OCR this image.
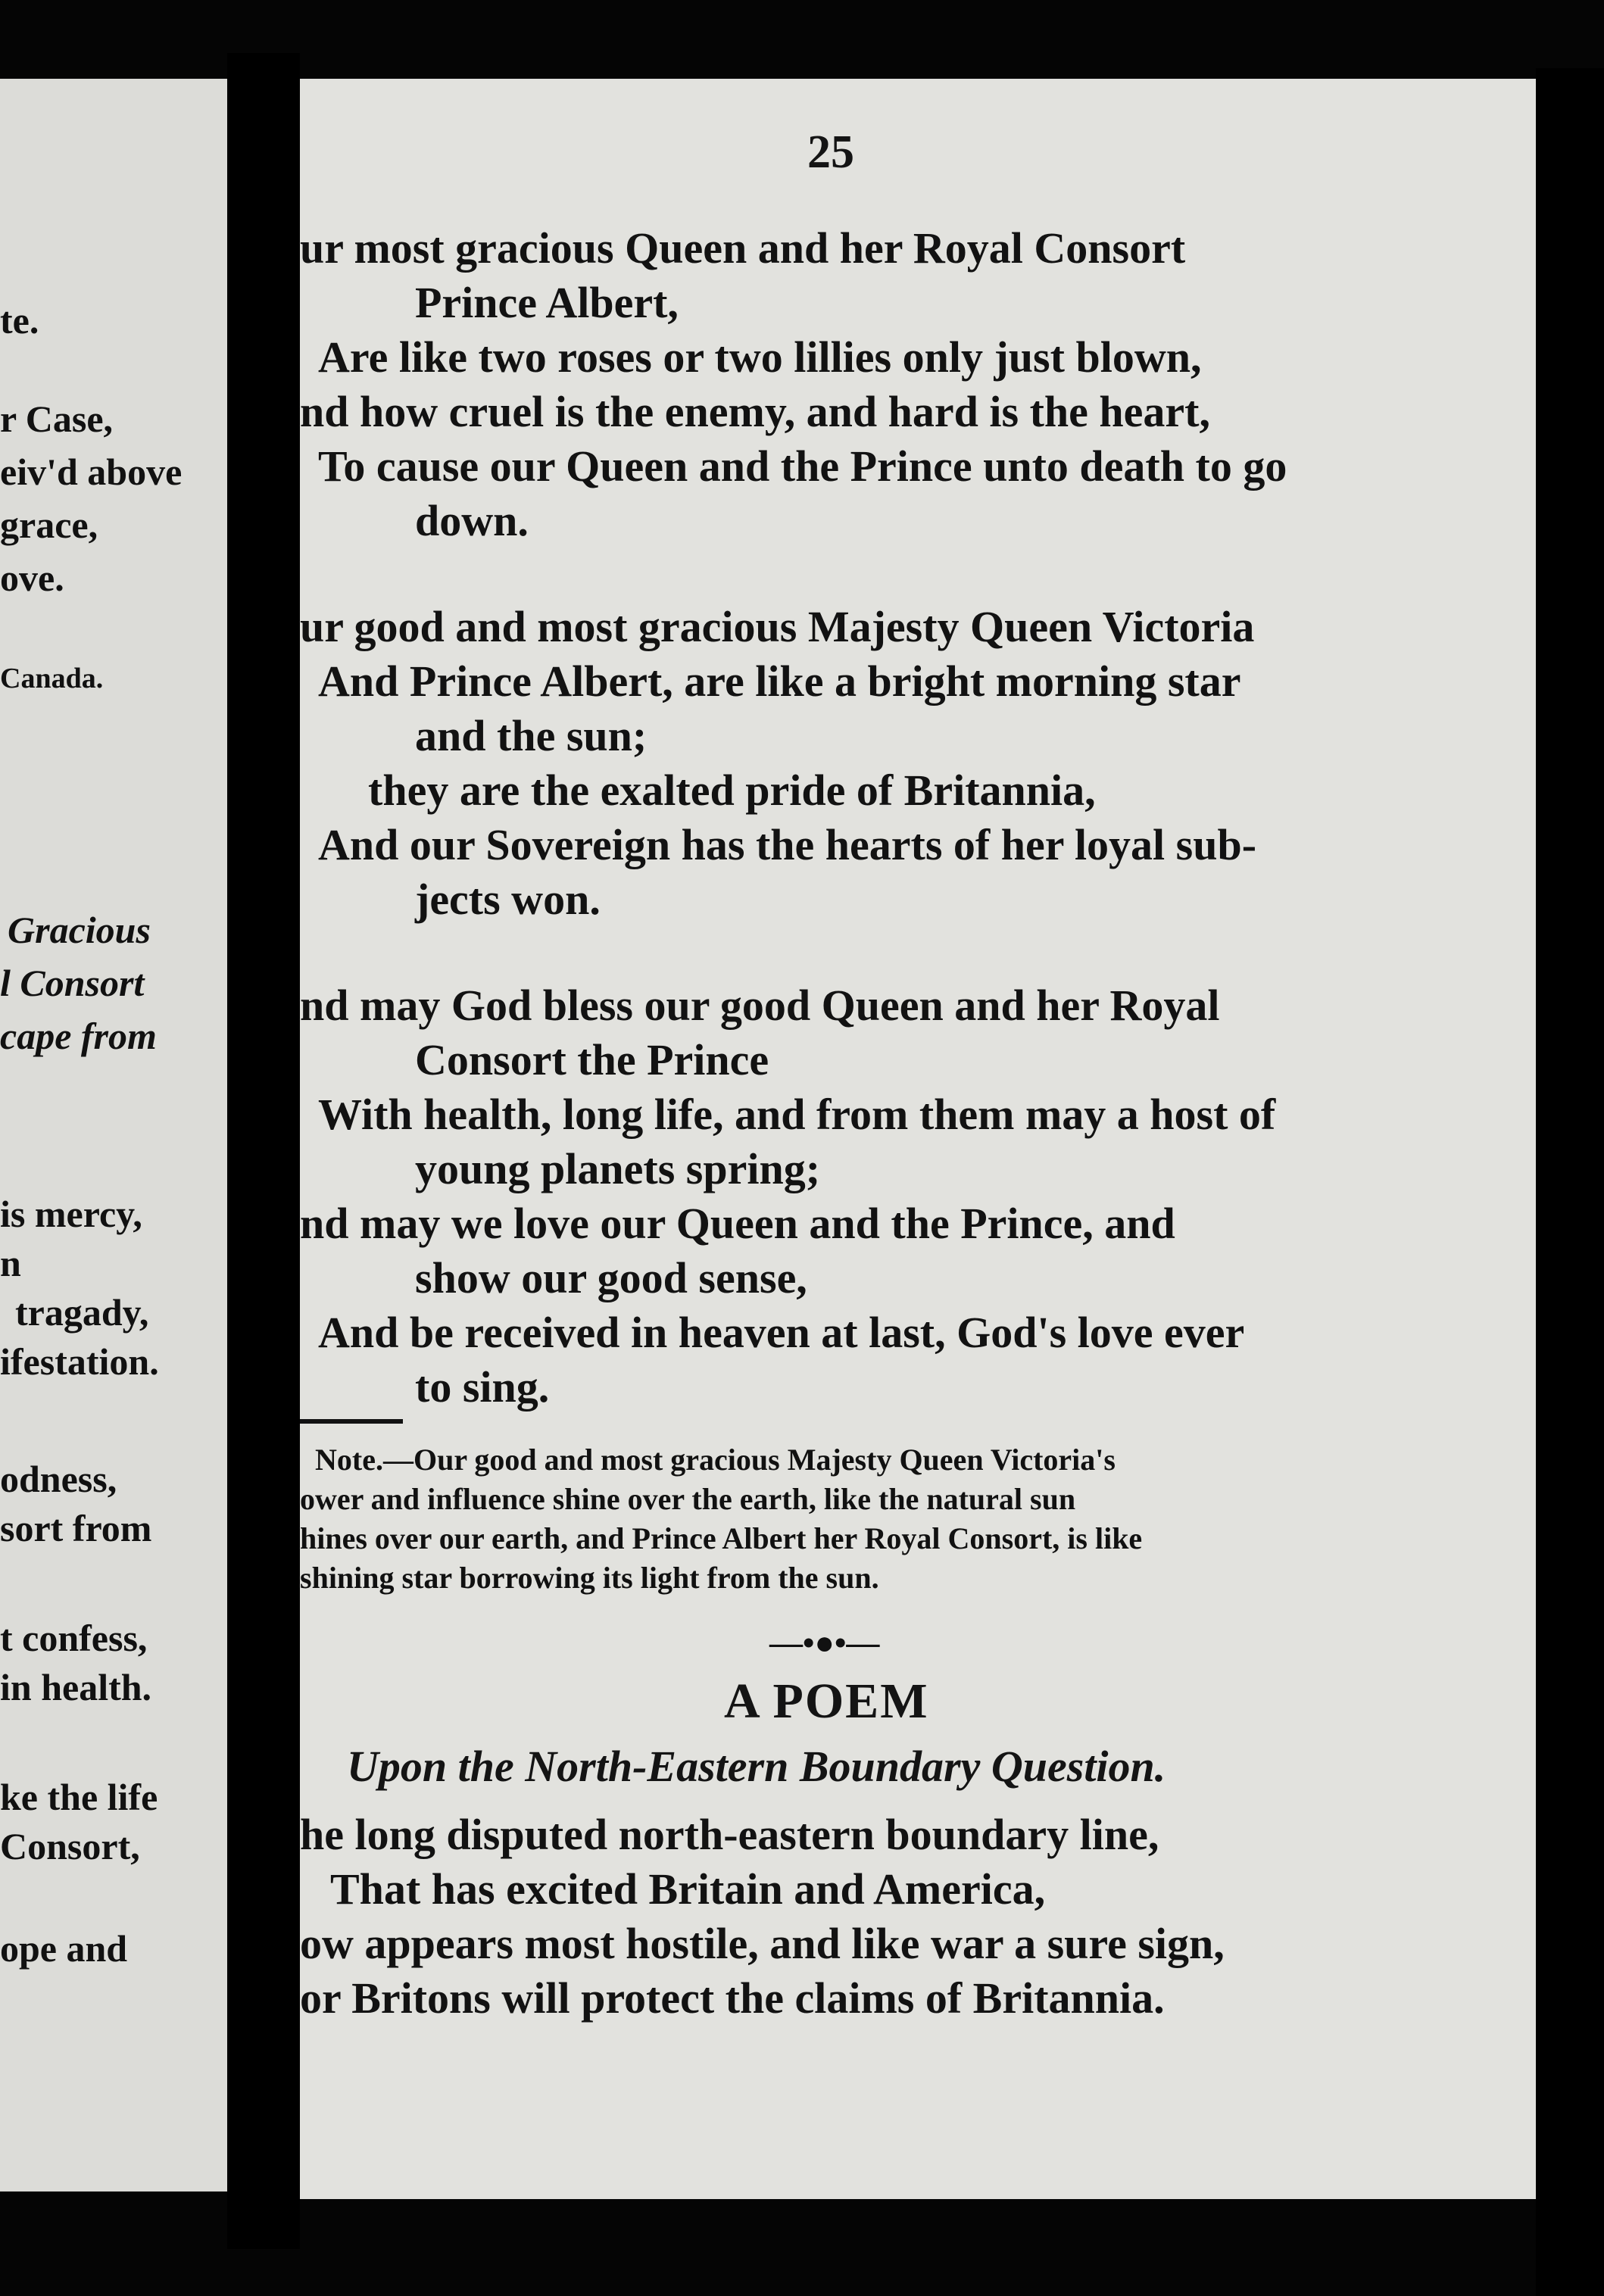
te.
r Case,
eiv'd above
grace,
ove.
Canada.
Gracious
l Consort
cape from
is mercy,
n
tragady,
ifestation.
odness,
sort from
t confess,
in health.
ke the life
Consort,
ope and
25
ur most gracious Queen and her Royal Consort
Prince Albert,
Are like two roses or two lillies only just blown,
nd how cruel is the enemy, and hard is the heart,
To cause our Queen and the Prince unto death to go
down.
ur good and most gracious Majesty Queen Victoria
And Prince Albert, are like a bright morning star
and the sun;
they are the exalted pride of Britannia,
And our Sovereign has the hearts of her loyal sub-
jects won.
nd may God bless our good Queen and her Royal
Consort the Prince
With health, long life, and from them may a host of
young planets spring;
nd may we love our Queen and the Prince, and
show our good sense,
And be received in heaven at last, God's love ever
to sing.
Note.—Our good and most gracious Majesty Queen Victoria's
ower and influence shine over the earth, like the natural sun
hines over our earth, and Prince Albert her Royal Consort, is like
shining star borrowing its light from the sun.
—•●•—
A POEM
Upon the North-Eastern Boundary Question.
he long disputed north-eastern boundary line,
That has excited Britain and America,
ow appears most hostile, and like war a sure sign,
or Britons will protect the claims of Britannia.
